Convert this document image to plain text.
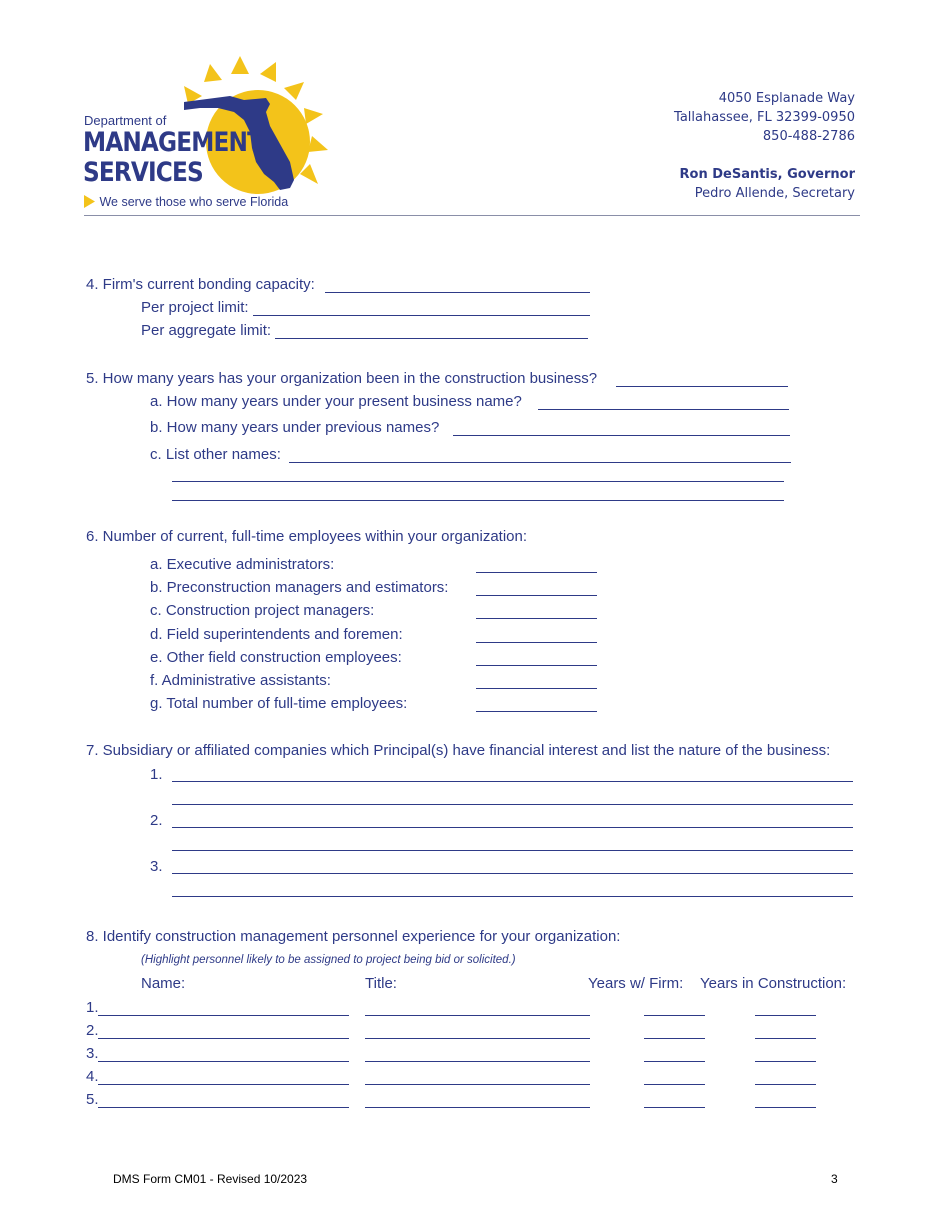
Department of
MANAGEMENT
SERVICES
We serve those who serve Florida
4050 Esplanade Way
Tallahassee, FL 32399-0950
850-488-2786
Ron DeSantis, Governor
Pedro Allende, Secretary
4. Firm's current bonding capacity:
Per project limit:
Per aggregate limit:
5. How many years has your organization been in the construction business?
a. How many years under your present business name?
b. How many years under previous names?
c. List other names:
6. Number of current, full-time employees within your organization:
a. Executive administrators:
b. Preconstruction managers and estimators:
c. Construction project managers:
d. Field superintendents and foremen:
e. Other field construction employees:
f. Administrative assistants:
g. Total number of full-time employees:
7. Subsidiary or affiliated companies which Principal(s) have financial interest and list the nature of the business:
1.
2.
3.
8. Identify construction management personnel experience for your organization:
(Highlight personnel likely to be assigned to project being bid or solicited.)
Name:	Title:	Years w/ Firm: Years in Construction:
1.
2.
3.
4.
5.
DMS Form CM01 - Revised 10/2023	3
